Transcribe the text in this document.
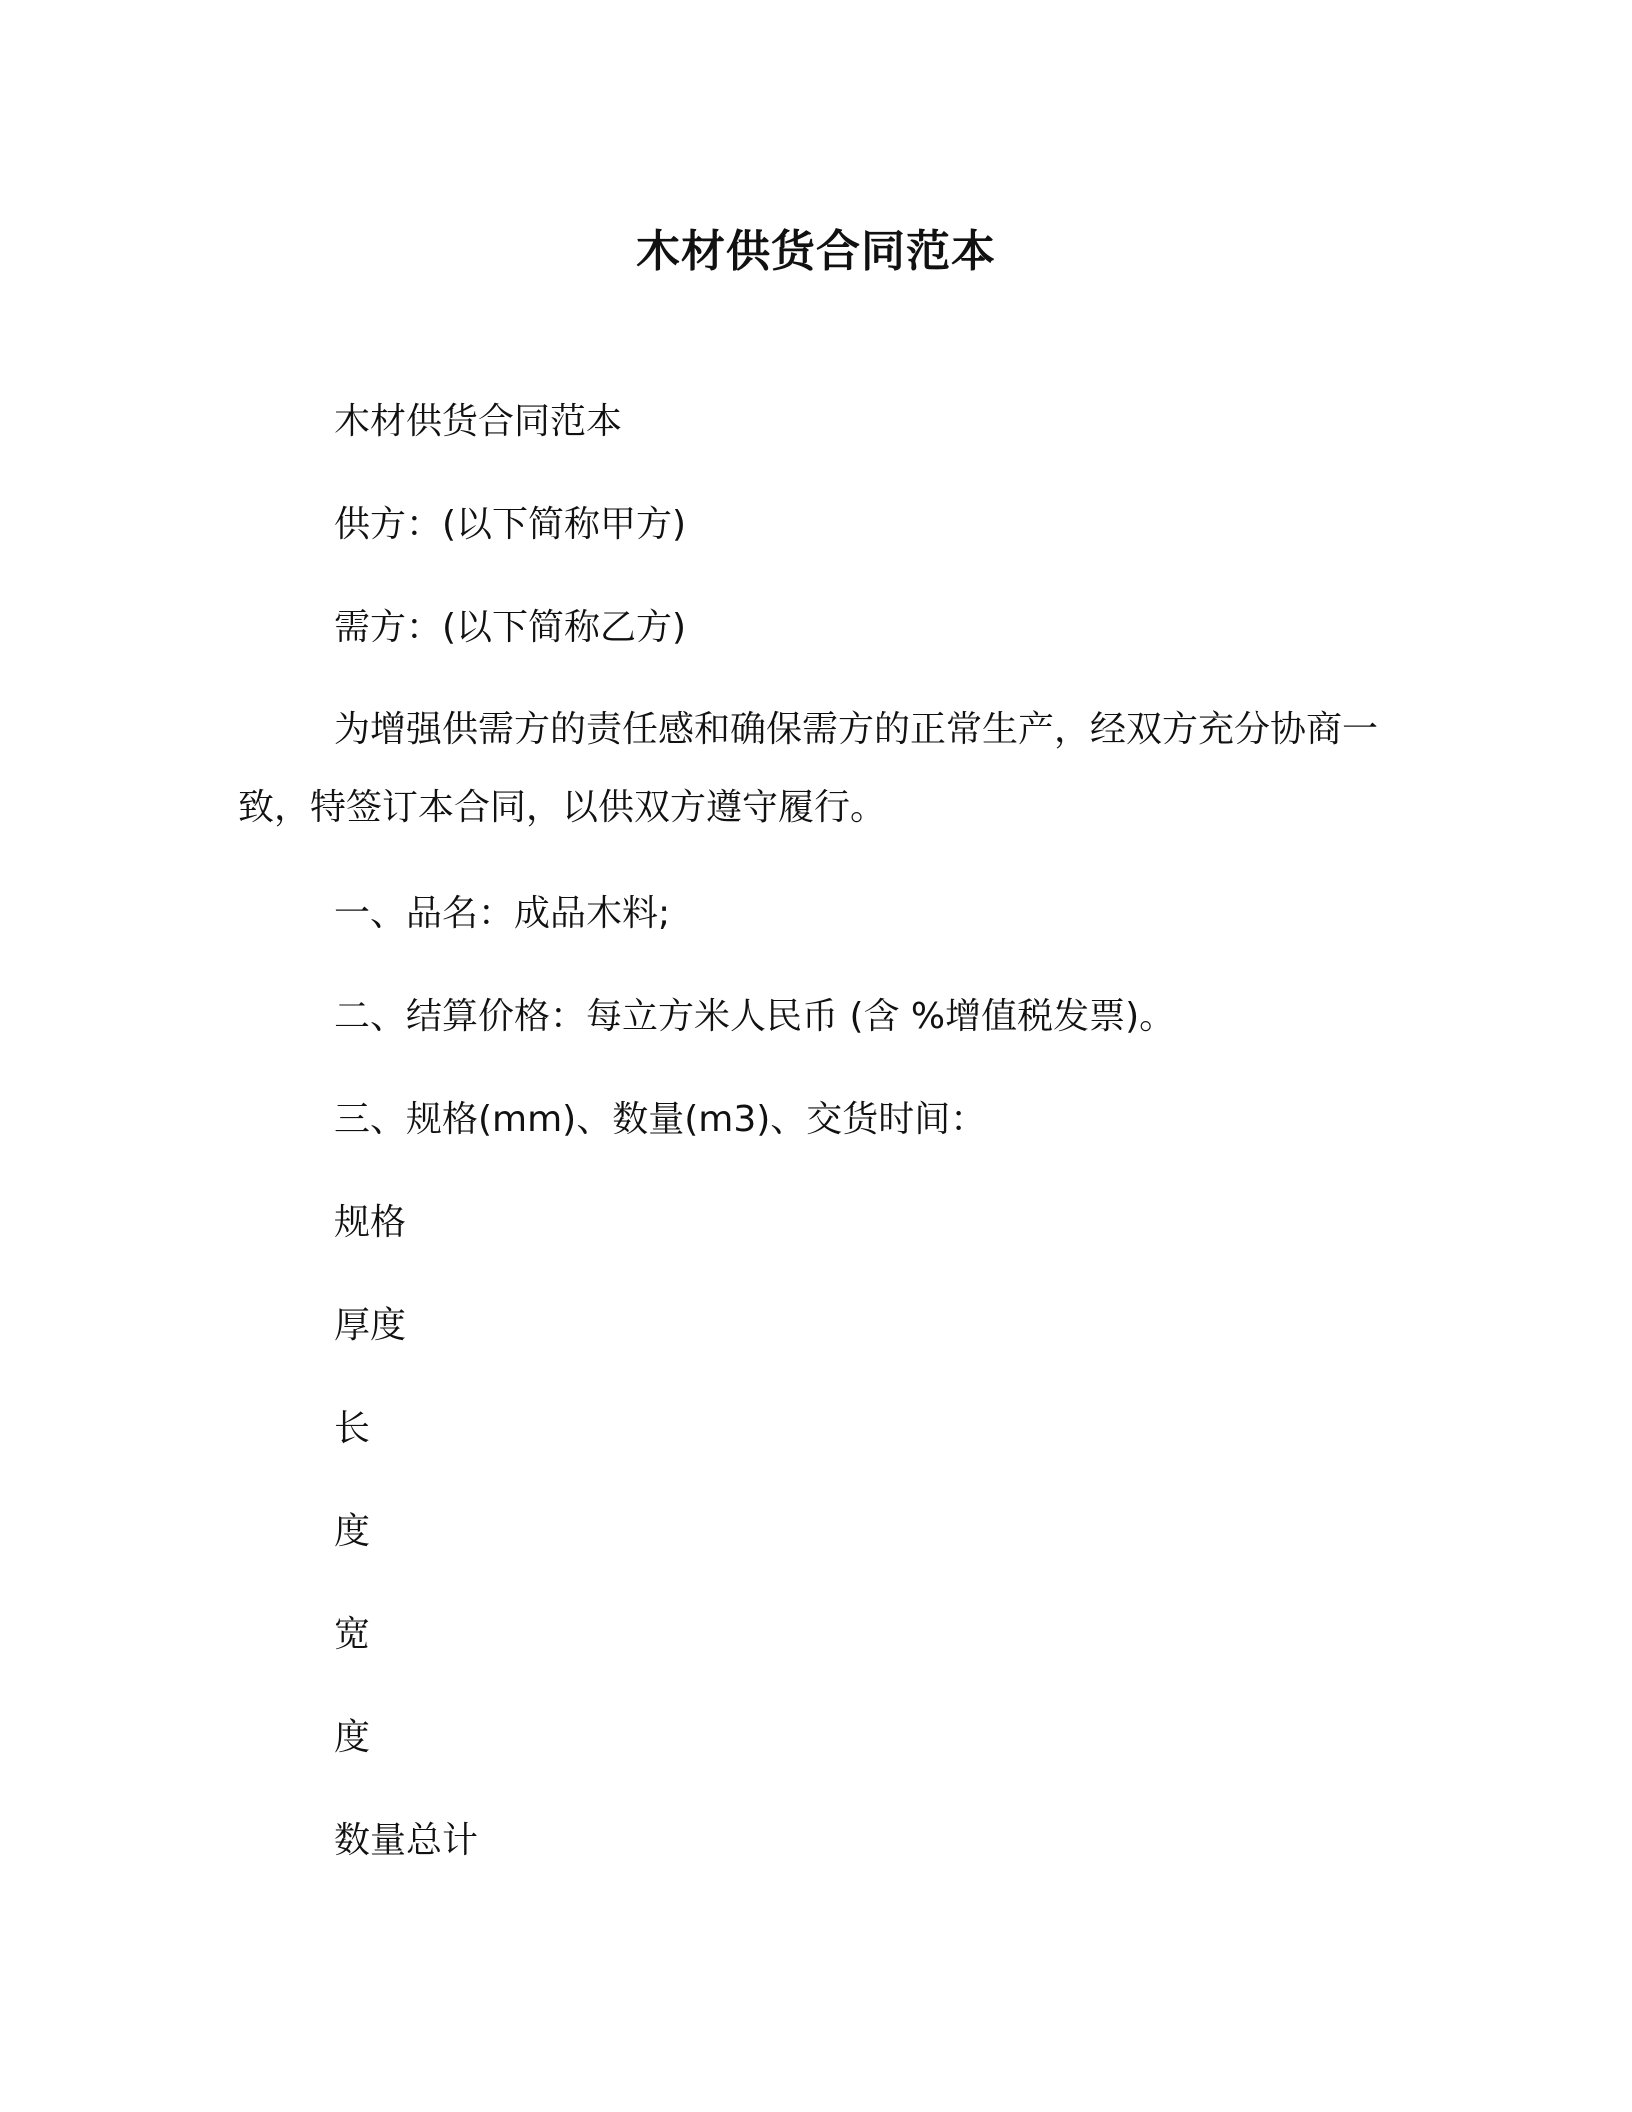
木材供货合同范本
木材供货合同范本
供方：(以下简称甲方)
需方：(以下简称乙方)
为增强供需方的责任感和确保需方的正常生产，经双方充分协商一致，特签订本合同，以供双方遵守履行。
一、品名：成品木料;
二、结算价格：每立方米人民币 (含 %增值税发票)。
三、规格(mm)、数量(m3)、交货时间：
规格
厚度
长
度
宽
度
数量总计
